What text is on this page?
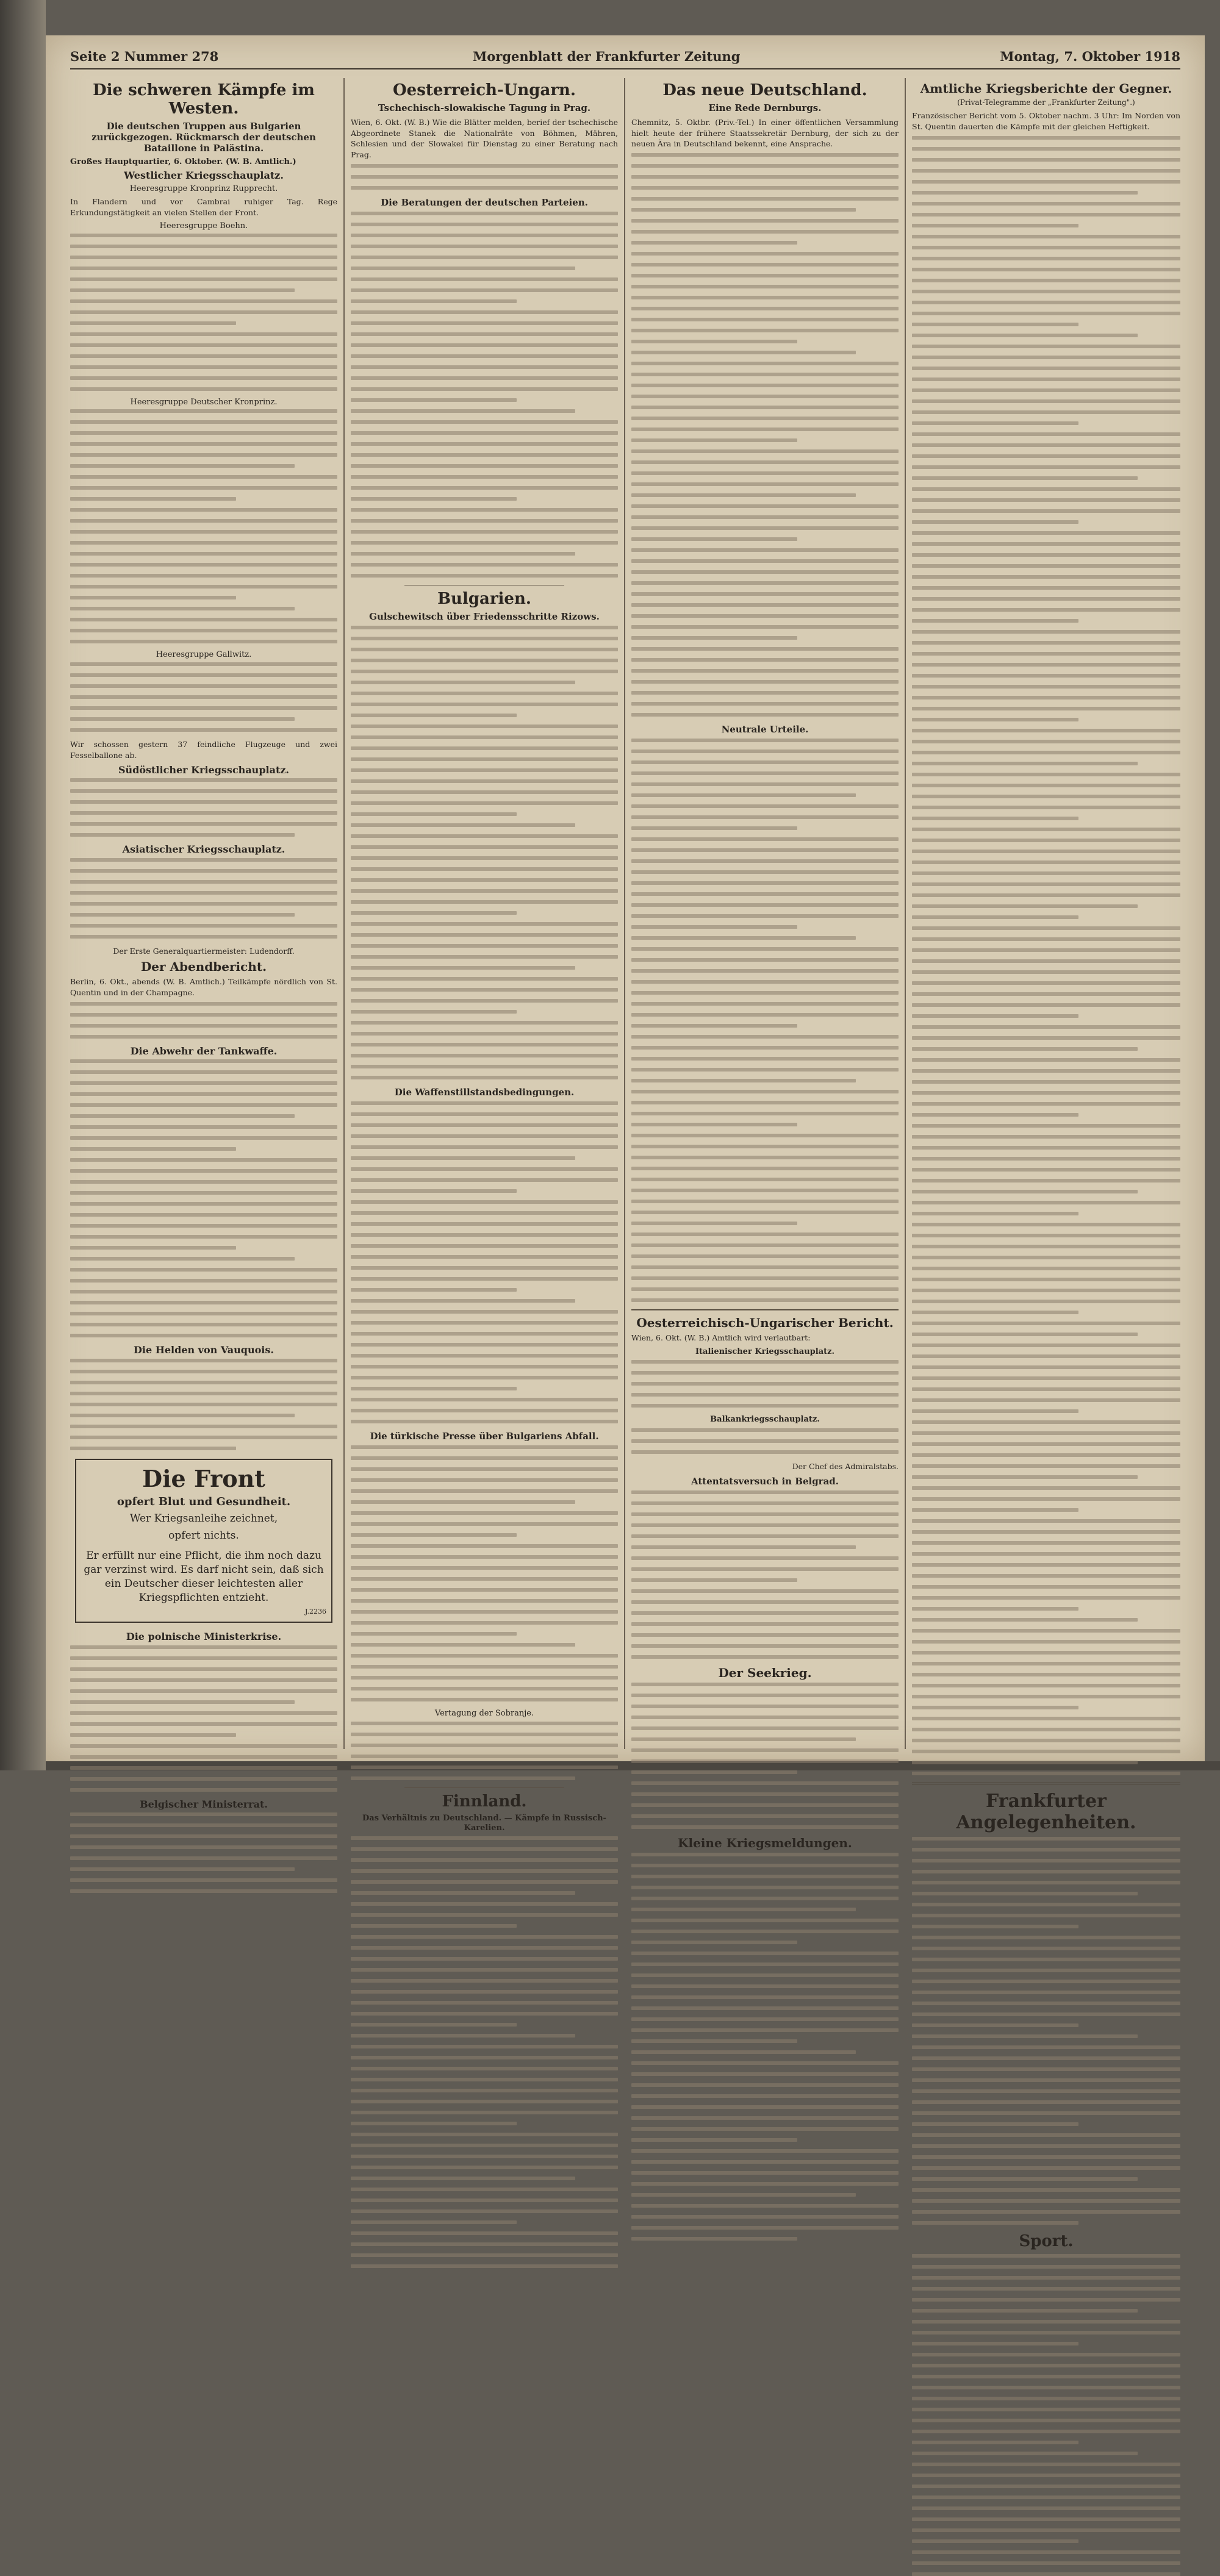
Seite 2 Nummer 278	Morgenblatt der Frankfurter Zeitung	Montag, 7. Oktober 1918
Die schweren Kämpfe im Westen.
Die deutschen Truppen aus Bulgarien zurückgezogen. Rückmarsch der deutschen Bataillone in Palästina.
Großes Hauptquartier, 6. Oktober. (W. B. Amtlich.)
Westlicher Kriegsschauplatz.
Heeresgruppe Kronprinz Rupprecht.
In Flandern und vor Cambrai ruhiger Tag. Rege Erkundungstätigkeit an vielen Stellen der Front.
Heeresgruppe Boehn.
Heeresgruppe Deutscher Kronprinz.
Heeresgruppe Gallwitz.
Wir schossen gestern 37 feindliche Flugzeuge und zwei Fesselballone ab.
Südöstlicher Kriegsschauplatz.
Asiatischer Kriegsschauplatz.
Der Erste Generalquartiermeister: Ludendorff.
Der Abendbericht.
Berlin, 6. Okt., abends (W. B. Amtlich.) Teilkämpfe nördlich von St. Quentin und in der Champagne.
Die Abwehr der Tankwaffe.
Die Helden von Vauquois.
Die Front
opfert Blut und Gesundheit.
Wer Kriegsanleihe zeichnet,
opfert nichts.
Er erfüllt nur eine Pflicht, die ihm noch dazu gar verzinst wird. Es darf nicht sein, daß sich ein Deutscher dieser leichtesten aller Kriegspflichten entzieht.
J.2236
Die polnische Ministerkrise.
Belgischer Ministerrat.
Oesterreich-Ungarn.
Tschechisch-slowakische Tagung in Prag.
Wien, 6. Okt. (W. B.) Wie die Blätter melden, berief der tschechische Abgeordnete Stanek die Nationalräte von Böhmen, Mähren, Schlesien und der Slowakei für Dienstag zu einer Beratung nach Prag.
Die Beratungen der deutschen Parteien.
Bulgarien.
Gulschewitsch über Friedensschritte Rizows.
Die Waffenstillstandsbedingungen.
Die türkische Presse über Bulgariens Abfall.
Vertagung der Sobranje.
Finnland.
Das Verhältnis zu Deutschland. — Kämpfe in Russisch-Karelien.
Das neue Deutschland.
Eine Rede Dernburgs.
Chemnitz, 5. Oktbr. (Priv.-Tel.) In einer öffentlichen Versammlung hielt heute der frühere Staatssekretär Dernburg, der sich zu der neuen Ära in Deutschland bekennt, eine Ansprache.
Neutrale Urteile.
Oesterreichisch-Ungarischer Bericht.
Wien, 6. Okt. (W. B.) Amtlich wird verlautbart:
Italienischer Kriegsschauplatz.
Balkankriegsschauplatz.
Der Chef des Admiralstabs.
Attentatsversuch in Belgrad.
Der Seekrieg.
Kleine Kriegsmeldungen.
Amtliche Kriegsberichte der Gegner.
(Privat-Telegramme der „Frankfurter Zeitung".)
Französischer Bericht vom 5. Oktober nachm. 3 Uhr: Im Norden von St. Quentin dauerten die Kämpfe mit der gleichen Heftigkeit.
Frankfurter Angelegenheiten.
Sport.
